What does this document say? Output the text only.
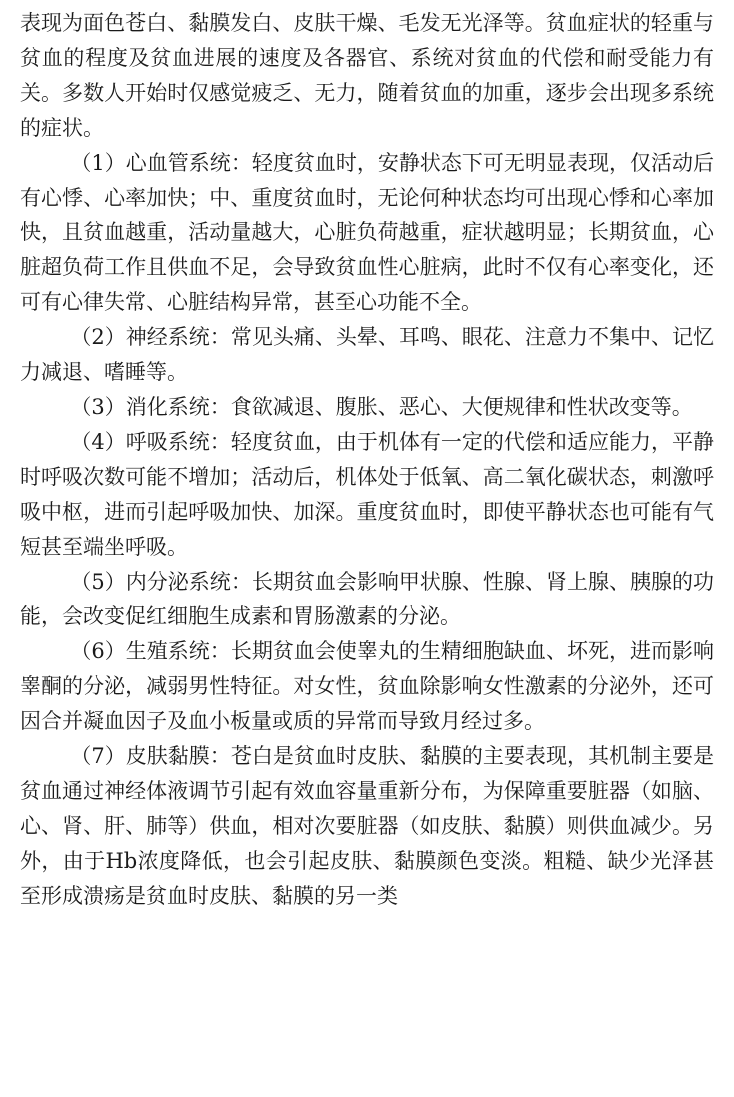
表现为面色苍白、黏膜发白、皮肤干燥、毛发无光泽等。贫血症状的轻重与贫血的程度及贫血进展的速度及各器官、系统对贫血的代偿和耐受能力有关。多数人开始时仅感觉疲乏、无力，随着贫血的加重，逐步会出现多系统的症状。

（1）心血管系统：轻度贫血时，安静状态下可无明显表现，仅活动后有心悸、心率加快；中、重度贫血时，无论何种状态均可出现心悸和心率加快，且贫血越重，活动量越大，心脏负荷越重，症状越明显；长期贫血，心脏超负荷工作且供血不足，会导致贫血性心脏病，此时不仅有心率变化，还可有心律失常、心脏结构异常，甚至心功能不全。

（2）神经系统：常见头痛、头晕、耳鸣、眼花、注意力不集中、记忆力减退、嗜睡等。

（3）消化系统：食欲减退、腹胀、恶心、大便规律和性状改变等。

（4）呼吸系统：轻度贫血，由于机体有一定的代偿和适应能力，平静时呼吸次数可能不增加；活动后，机体处于低氧、高二氧化碳状态，刺激呼吸中枢，进而引起呼吸加快、加深。重度贫血时，即使平静状态也可能有气短甚至端坐呼吸。

（5）内分泌系统：长期贫血会影响甲状腺、性腺、肾上腺、胰腺的功能，会改变促红细胞生成素和胃肠激素的分泌。

（6）生殖系统：长期贫血会使睾丸的生精细胞缺血、坏死，进而影响睾酮的分泌，减弱男性特征。对女性，贫血除影响女性激素的分泌外，还可因合并凝血因子及血小板量或质的异常而导致月经过多。

（7）皮肤黏膜：苍白是贫血时皮肤、黏膜的主要表现，其机制主要是贫血通过神经体液调节引起有效血容量重新分布，为保障重要脏器（如脑、心、肾、肝、肺等）供血，相对次要脏器（如皮肤、黏膜）则供血减少。另外，由于Hb浓度降低，也会引起皮肤、黏膜颜色变淡。粗糙、缺少光泽甚至形成溃疡是贫血时皮肤、黏膜的另一类
